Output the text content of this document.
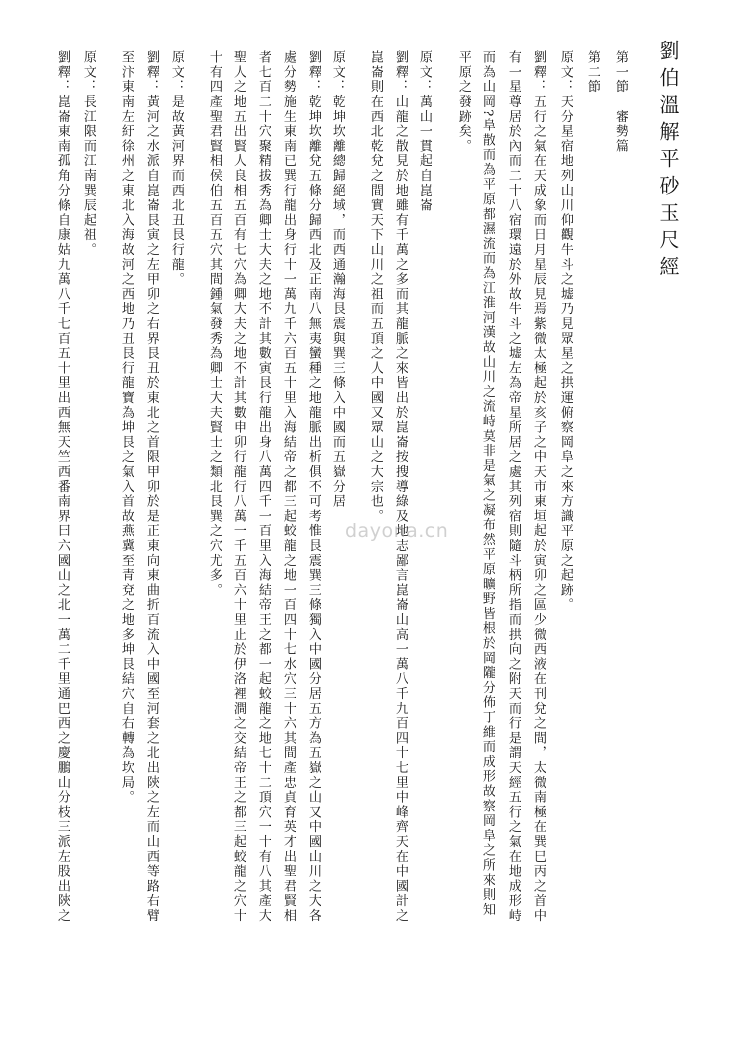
劉伯溫解平砂玉尺經
第一節　審勢篇
第二節
原文：天分星宿地列山川仰觀牛斗之墟乃見眾星之拱運俯察岡阜之來方識平原之起跡。
劉釋：五行之氣在天成象而日月星辰見焉紫微太極起於亥子之中天市東垣起於寅卯之區少微西液在刊兌之間，太微南極在巽巳丙之首中
有一星尊居於內而二十八宿環遠於外故牛斗之墟左為帝星所居之處其列宿則隨斗柄所指而拱向之附天而行是謂天經五行之氣在地成形峙
而為山岡?阜散而為平原都濕流而為江淮河漢故山川之流峙莫非是氣之凝布然平原曠野皆根於岡隴分佈丁維而成形故察岡阜之所來則知
平原之發跡矣。
原文：萬山一貫起自崑崙
劉釋：山龍之散見於地雖有千萬之多而其龍脈之來皆出於崑崙按搜導綠及地志鄙言崑崙山高一萬八千九百四十七里中峰齊天在中國計之
崑崙則在西北乾兌之間實天下山川之祖而五頂之人中國又眾山之大宗也。
原文：乾坤坎離總歸絕域，而西通瀚海艮震與巽三條入中國而五嶽分居
劉釋：乾坤坎離兌五條分歸西北及正南八無夷蠻種之地龍脈出析俱不可考惟艮震巽三條獨入中國分居五方為五嶽之山又中國山川之大各
處分勢施生東南已巽行龍出身行十一萬九千六百五十里入海結帝之都三起蛟龍之地一百四十七水穴三十六其間產忠貞育英才出聖君賢相
者七百二十穴聚精拔秀為卿士大夫之地不計其數寅艮行龍出身八萬四千一百里入海結帝王之都一起蛟龍之地七十二頂穴一十有八其產大
聖人之地五出賢人良相五百有七穴為卿大夫之地不計其數申卯行龍行八萬一千五百六十里止於伊洛裡澗之交結帝王之都三起蛟龍之穴十
十有四產聖君賢相侯伯五百五穴其間鍾氣發秀為卿士大夫賢士之類北艮巽之穴尤多。
原文：是故黃河界而西北丑艮行龍。
劉釋：黃河之水派自崑崙艮寅之左甲卯之右界艮丑於東北之首限甲卯於是正東向東曲折百流入中國至河套之北出陝之左而山西等路右臂
至汴東南左紆徐州之東北入海故河之西地乃丑艮行龍寶為坤艮之氣入首故燕冀至青兗之地多坤艮結穴自右轉為坎局。
原文：長江限而江南巽辰起祖。
劉釋：崑崙東南孤角分條自康姑九萬八千七百五十里出西無天竺西番南界曰六國山之北一萬二千里通巴西之慶鵬山分枝三派左股出陝之	dayona.cn
